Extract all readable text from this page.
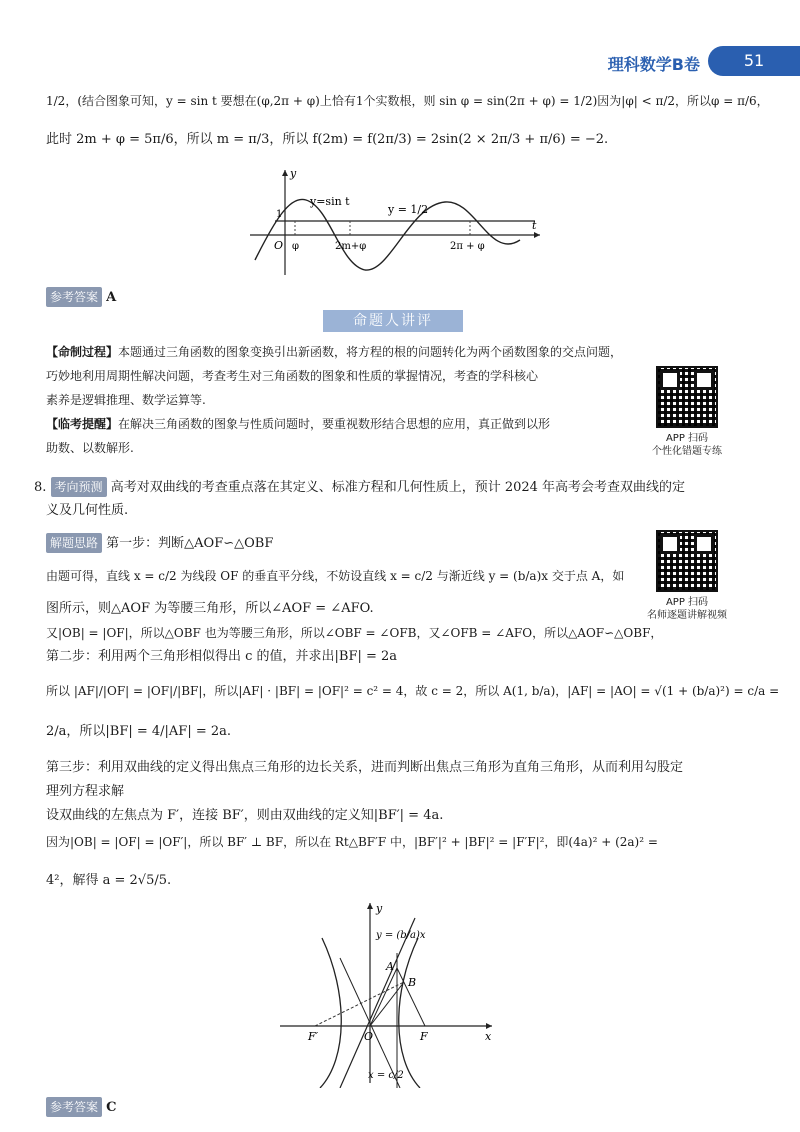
理科数学B卷	51
1/2，(结合图象可知，y = sin t 要想在(φ,2π + φ)上恰有1个实数根，则 sin φ = sin(2π + φ) = 1/2)因为|φ| < π/2，所以φ = π/6，
此时 2m + φ = 5π/6，所以 m = π/3，所以 f(2m) = f(2π/3) = 2sin(2 × 2π/3 + π/6) = −2.
y=sin t
y = 1/2
y
t
1
O φ	2m+φ	2π + φ
参考答案 A
命题人讲评
【命制过程】本题通过三角函数的图象变换引出新函数，将方程的根的问题转化为两个函数图象的交点问题，
巧妙地利用周期性解决问题，考查考生对三角函数的图象和性质的掌握情况，考查的学科核心
素养是逻辑推理、数学运算等.
【临考提醒】在解决三角函数的图象与性质问题时，要重视数形结合思想的应用，真正做到以形
助数、以数解形.
APP 扫码
个性化错题专练
8. 考向预测 高考对双曲线的考查重点落在其定义、标准方程和几何性质上，预计 2024 年高考会考查双曲线的定
义及几何性质.
解题思路 第一步：判断△AOF∽△OBF
APP 扫码
名师逐题讲解视频
由题可得，直线 x = c/2 为线段 OF 的垂直平分线，不妨设直线 x = c/2 与渐近线 y = (b/a)x 交于点 A，如
图所示，则△AOF 为等腰三角形，所以∠AOF = ∠AFO.
又|OB| = |OF|，所以△OBF 也为等腰三角形，所以∠OBF = ∠OFB，又∠OFB = ∠AFO，所以△AOF∽△OBF，
第二步：利用两个三角形相似得出 c 的值，并求出|BF| = 2a
所以 |AF|/|OF| = |OF|/|BF|，所以|AF| · |BF| = |OF|² = c² = 4，故 c = 2，所以 A(1, b/a)，|AF| = |AO| = √(1 + (b/a)²) = c/a =
2/a，所以|BF| = 4/|AF| = 2a.
第三步：利用双曲线的定义得出焦点三角形的边长关系，进而判断出焦点三角形为直角三角形，从而利用勾股定
理列方程求解
设双曲线的左焦点为 F′，连接 BF′，则由双曲线的定义知|BF′| = 4a.
因为|OB| = |OF| = |OF′|，所以 BF′ ⊥ BF，所以在 Rt△BF′F 中，|BF′|² + |BF|² = |F′F|²，即(4a)² + (2a)² =
4²，解得 a = 2√5/5.
y
x
y = (b/a)x
A
B
O	F
F′
x = c/2
参考答案 C
